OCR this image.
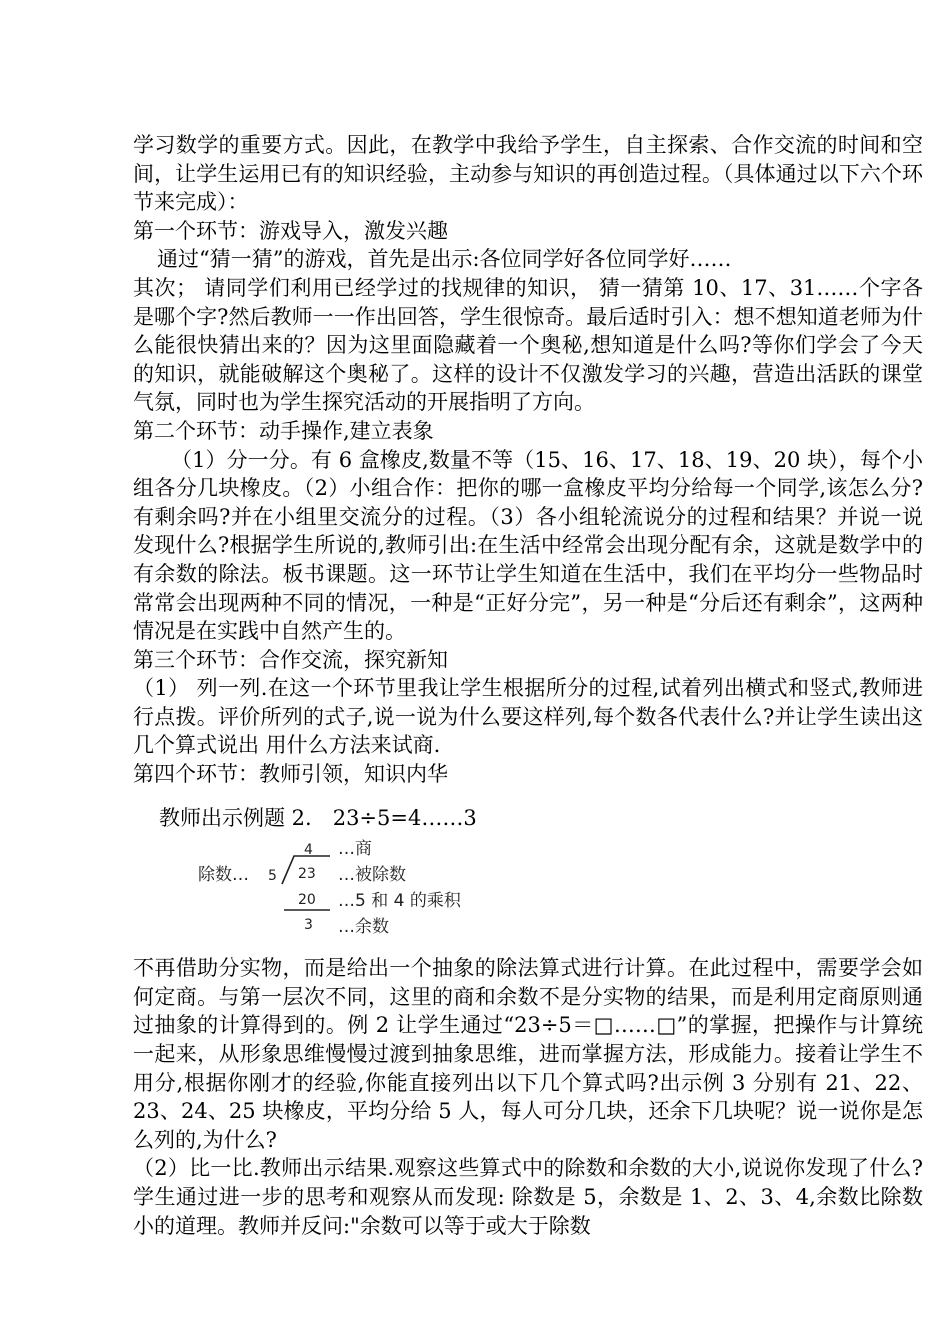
学习数学的重要方式。因此，在教学中我给予学生，自主探索、合作交流的时间和空间，让学生运用已有的知识经验，主动参与知识的再创造过程。（具体通过以下六个环节来完成）：

第一个环节：游戏导入，激发兴趣

通过“猜一猜”的游戏，首先是出示:各位同学好各位同学好……

其次； 请同学们利用已经学过的找规律的知识， 猜一猜第 10、17、31……个字各是哪个字?然后教师一一作出回答，学生很惊奇。最后适时引入：想不想知道老师为什么能很快猜出来的？因为这里面隐藏着一个奥秘,想知道是什么吗?等你们学会了今天的知识，就能破解这个奥秘了。这样的设计不仅激发学习的兴趣，营造出活跃的课堂气氛，同时也为学生探究活动的开展指明了方向。

第二个环节：动手操作,建立表象

（1）分一分。有 6 盒橡皮,数量不等（15、16、17、18、19、20 块），每个小组各分几块橡皮。（2）小组合作：把你的哪一盒橡皮平均分给每一个同学,该怎么分?有剩余吗?并在小组里交流分的过程。（3）各小组轮流说分的过程和结果？并说一说发现什么?根据学生所说的,教师引出:在生活中经常会出现分配有余，这就是数学中的有余数的除法。板书课题。这一环节让学生知道在生活中，我们在平均分一些物品时常常会出现两种不同的情况，一种是“正好分完”，另一种是“分后还有剩余”，这两种情况是在实践中自然产生的。

第三个环节：合作交流，探究新知

（1） 列一列.在这一个环节里我让学生根据所分的过程,试着列出横式和竖式,教师进行点拨。评价所列的式子,说一说为什么要这样列,每个数各代表什么?并让学生读出这几个算式说出 用什么方法来试商.

第四个环节：教师引领，知识内华

教师出示例题 2.　23÷5=4……3

除数… 5
4 …商
23 …被除数
20 …5 和 4 的乘积
3 …余数

不再借助分实物，而是给出一个抽象的除法算式进行计算。在此过程中，需要学会如何定商。与第一层次不同，这里的商和余数不是分实物的结果，而是利用定商原则通过抽象的计算得到的。例 2 让学生通过“23÷5＝□……□”的掌握，把操作与计算统一起来，从形象思维慢慢过渡到抽象思维，进而掌握方法，形成能力。接着让学生不用分,根据你刚才的经验,你能直接列出以下几个算式吗?出示例 3 分别有 21、22、23、24、25 块橡皮，平均分给 5 人，每人可分几块，还余下几块呢？说一说你是怎么列的,为什么?

（2）比一比.教师出示结果.观察这些算式中的除数和余数的大小,说说你发现了什么? 学生通过进一步的思考和观察从而发现: 除数是 5，余数是 1、2、3、4,余数比除数小的道理。教师并反问:"余数可以等于或大于除数
